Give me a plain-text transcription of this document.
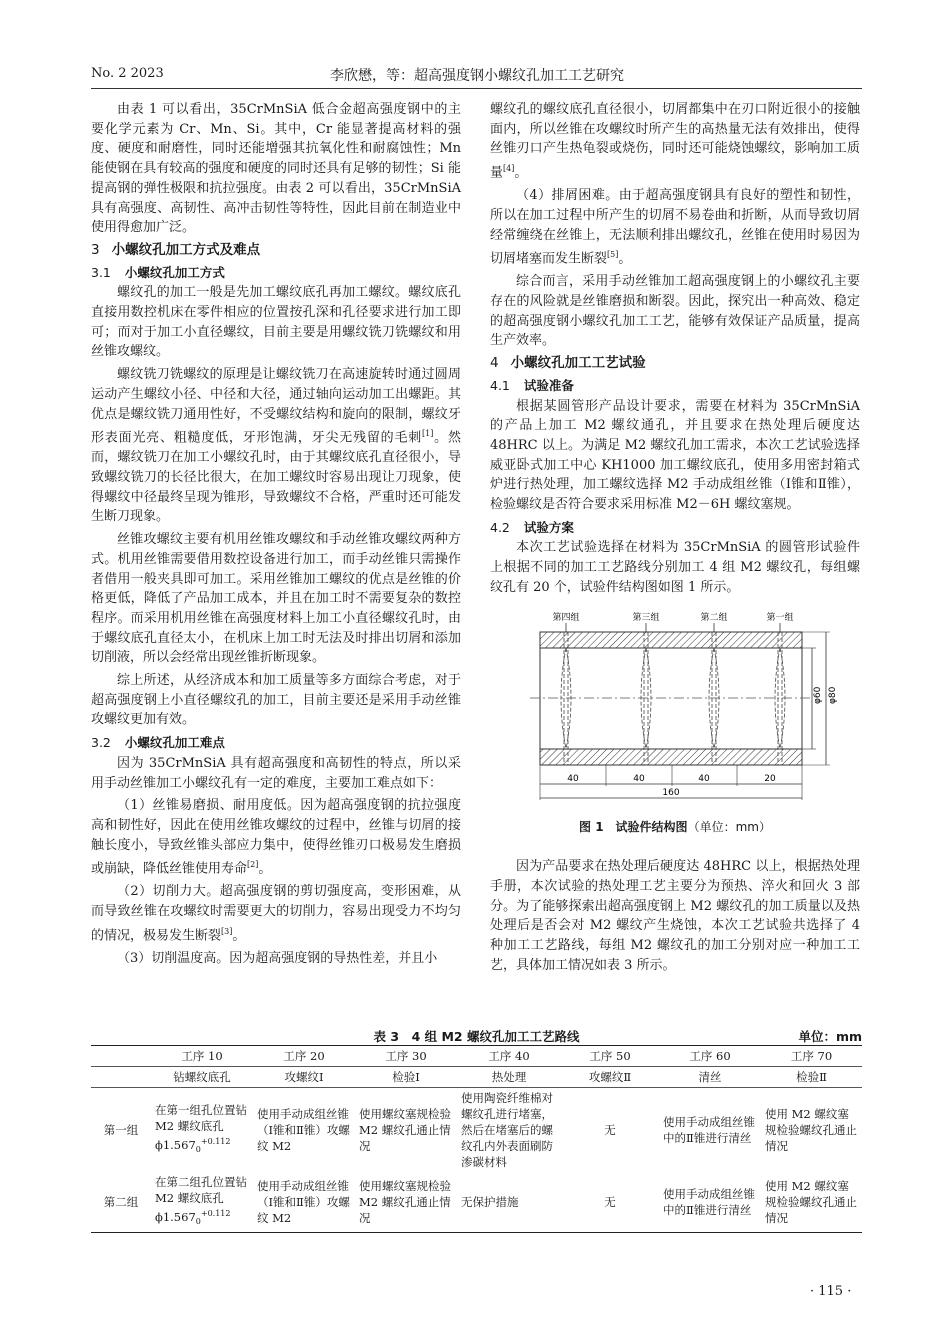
No. 2 2023	李欣懋，等：超高强度钢小螺纹孔加工工艺研究

由表 1 可以看出，35CrMnSiA 低合金超高强度钢中的主要化学元素为 Cr、Mn、Si。其中，Cr 能显著提高材料的强度、硬度和耐磨性，同时还能增强其抗氧化性和耐腐蚀性；Mn 能使钢在具有较高的强度和硬度的同时还具有足够的韧性；Si 能提高钢的弹性极限和抗拉强度。由表 2 可以看出，35CrMnSiA 具有高强度、高韧性、高冲击韧性等特性，因此目前在制造业中使用得愈加广泛。

3 小螺纹孔加工方式及难点
3.1 小螺纹孔加工方式

螺纹孔的加工一般是先加工螺纹底孔再加工螺纹。螺纹底孔直接用数控机床在零件相应的位置按孔深和孔径要求进行加工即可；而对于加工小直径螺纹，目前主要是用螺纹铣刀铣螺纹和用丝锥攻螺纹。

螺纹铣刀铣螺纹的原理是让螺纹铣刀在高速旋转时通过圆周运动产生螺纹小径、中径和大径，通过轴向运动加工出螺距。其优点是螺纹铣刀通用性好，不受螺纹结构和旋向的限制，螺纹牙形表面光亮、粗糙度低，牙形饱满，牙尖无残留的毛刺[1]。然而，螺纹铣刀在加工小螺纹孔时，由于其螺纹底孔直径很小，导致螺纹铣刀的长径比很大，在加工螺纹时容易出现让刀现象，使得螺纹中径最终呈现为锥形，导致螺纹不合格，严重时还可能发生断刀现象。

丝锥攻螺纹主要有机用丝锥攻螺纹和手动丝锥攻螺纹两种方式。机用丝锥需要借用数控设备进行加工，而手动丝锥只需操作者借用一般夹具即可加工。采用丝锥加工螺纹的优点是丝锥的价格更低，降低了产品加工成本，并且在加工时不需要复杂的数控程序。而采用机用丝锥在高强度材料上加工小直径螺纹孔时，由于螺纹底孔直径太小，在机床上加工时无法及时排出切屑和添加切削液，所以会经常出现丝锥折断现象。

综上所述，从经济成本和加工质量等多方面综合考虑，对于超高强度钢上小直径螺纹孔的加工，目前主要还是采用手动丝锥攻螺纹更加有效。

3.2 小螺纹孔加工难点

因为 35CrMnSiA 具有超高强度和高韧性的特点，所以采用手动丝锥加工小螺纹孔有一定的难度，主要加工难点如下：

（1）丝锥易磨损、耐用度低。因为超高强度钢的抗拉强度高和韧性好，因此在使用丝锥攻螺纹的过程中，丝锥与切屑的接触长度小，导致丝锥头部应力集中，使得丝锥刃口极易发生磨损或崩缺，降低丝锥使用寿命[2]。

（2）切削力大。超高强度钢的剪切强度高，变形困难，从而导致丝锥在攻螺纹时需要更大的切削力，容易出现受力不均匀的情况，极易发生断裂[3]。

（3）切削温度高。因为超高强度钢的导热性差，并且小

螺纹孔的螺纹底孔直径很小，切屑都集中在刃口附近很小的接触面内，所以丝锥在攻螺纹时所产生的高热量无法有效排出，使得丝锥刃口产生热龟裂或烧伤，同时还可能烧蚀螺纹，影响加工质量[4]。

（4）排屑困难。由于超高强度钢具有良好的塑性和韧性，所以在加工过程中所产生的切屑不易卷曲和折断，从而导致切屑经常缠绕在丝锥上，无法顺利排出螺纹孔，丝锥在使用时易因为切屑堵塞而发生断裂[5]。

综合而言，采用手动丝锥加工超高强度钢上的小螺纹孔主要存在的风险就是丝锥磨损和断裂。因此，探究出一种高效、稳定的超高强度钢小螺纹孔加工工艺，能够有效保证产品质量，提高生产效率。

4 小螺纹孔加工工艺试验
4.1 试验准备

根据某圆管形产品设计要求，需要在材料为 35CrMnSiA 的产品上加工 M2 螺纹通孔，并且要求在热处理后硬度达 48HRC 以上。为满足 M2 螺纹孔加工需求，本次工艺试验选择威亚卧式加工中心 KH1000 加工螺纹底孔，使用多用密封箱式炉进行热处理，加工螺纹选择 M2 手动成组丝锥（Ⅰ锥和Ⅱ锥），检验螺纹是否符合要求采用标准 M2－6H 螺纹塞规。

4.2 试验方案

本次工艺试验选择在材料为 35CrMnSiA 的圆管形试验件上根据不同的加工工艺路线分别加工 4 组 M2 螺纹孔，每组螺纹孔有 20 个，试验件结构图如图 1 所示。

第四组	第三组	第二组	第一组
φ60 φ80
40	40	40	20
160
图 1　试验件结构图（单位：mm）

因为产品要求在热处理后硬度达 48HRC 以上，根据热处理手册，本次试验的热处理工艺主要分为预热、淬火和回火 3 部分。为了能够探索出超高强度钢上 M2 螺纹孔的加工质量以及热处理后是否会对 M2 螺纹产生烧蚀，本次工艺试验共选择了 4 种加工工艺路线，每组 M2 螺纹孔的加工分别对应一种加工工艺，具体加工情况如表 3 所示。

表 3　4 组 M2 螺纹孔加工工艺路线	单位：mm
	工序 10	工序 20	工序 30	工序 40	工序 50	工序 60	工序 70
	钻螺纹底孔	攻螺纹Ⅰ	检验Ⅰ	热处理	攻螺纹Ⅱ	清丝	检验Ⅱ
第一组	在第一组孔位置钻 M2 螺纹底孔 $\phi 1.567_0^{+0.112}$	使用手动成组丝锥（Ⅰ锥和Ⅱ锥）攻螺纹 M2	使用螺纹塞规检验 M2 螺纹孔通止情况	使用陶瓷纤维棉对螺纹孔进行堵塞，然后在堵塞后的螺纹孔内外表面刷防渗碳材料	无	使用手动成组丝锥中的Ⅱ锥进行清丝	使用 M2 螺纹塞规检验螺纹孔通止情况
第二组	在第二组孔位置钻 M2 螺纹底孔 $\phi 1.567_0^{+0.112}$	使用手动成组丝锥（Ⅰ锥和Ⅱ锥）攻螺纹 M2	使用螺纹塞规检验 M2 螺纹孔通止情况	无保护措施	无	使用手动成组丝锥中的Ⅱ锥进行清丝	使用 M2 螺纹塞规检验螺纹孔通止情况
· 115 ·
